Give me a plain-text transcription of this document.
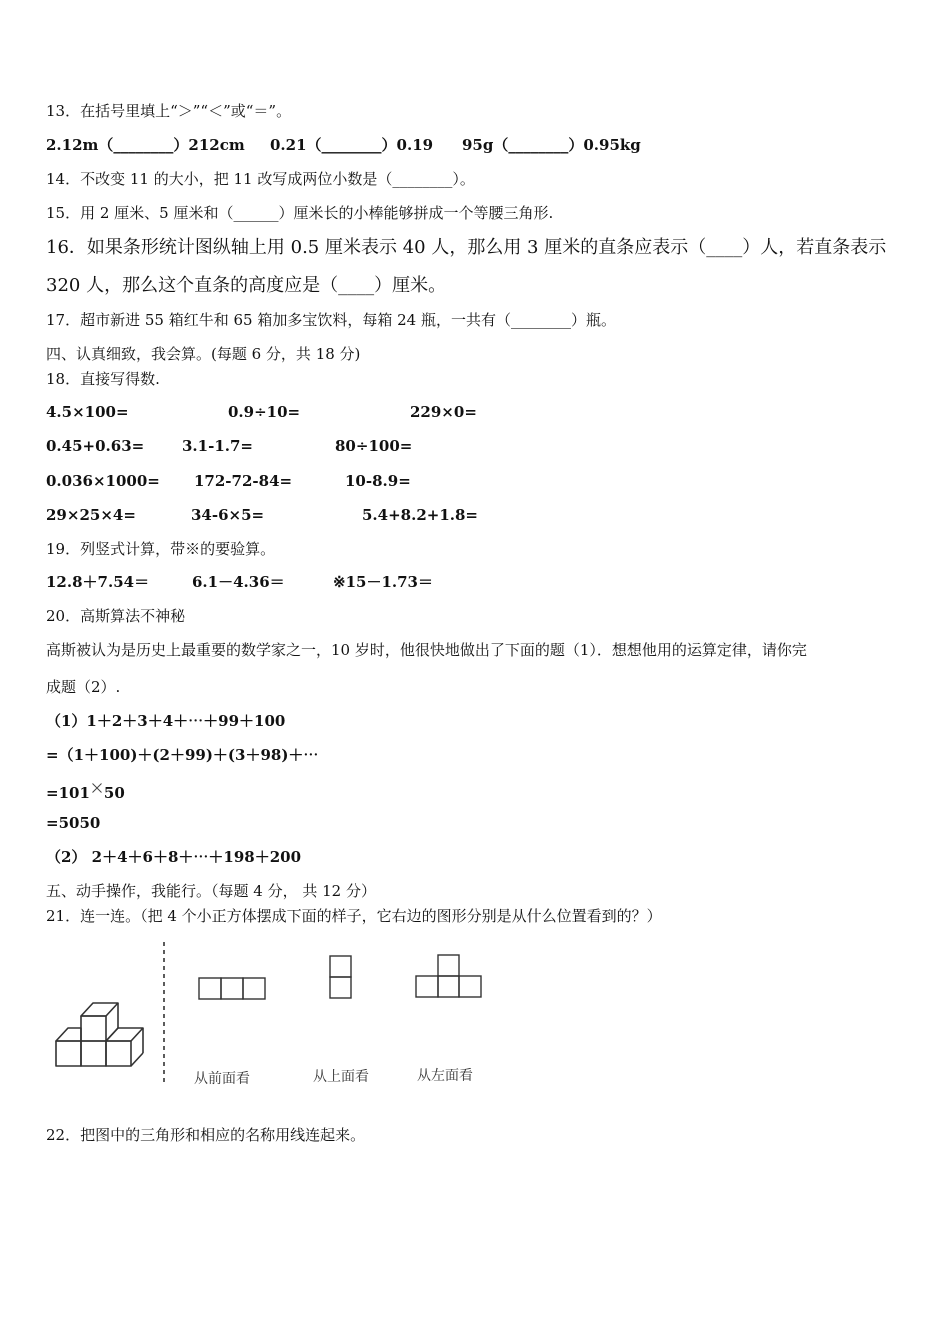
13．在括号里填上“＞”“＜”或“＝”。
2.12m（________）212cm 0.21（________）0.19 95g（________）0.95kg
14．不改变 11 的大小，把 11 改写成两位小数是（________）。
15．用 2 厘米、5 厘米和（______）厘米长的小棒能够拼成一个等腰三角形.
16．如果条形统计图纵轴上用 0.5 厘米表示 40 人，那么用 3 厘米的直条应表示（____）人，若直条表示
320 人，那么这个直条的高度应是（____）厘米。
17．超市新进 55 箱红牛和 65 箱加多宝饮料，每箱 24 瓶，一共有（________）瓶。
四、认真细致，我会算。(每题 6 分，共 18 分)
18．直接写得数.
4.5×100=	0.9÷10=	229×0=
0.45+0.63=	3.1-1.7=	80÷100=
0.036×1000= 172-72-84=	10-8.9=
29×25×4=	34-6×5=	5.4+8.2+1.8=
19．列竖式计算，带※的要验算。
12.8＋7.54＝	6.1－4.36＝	※15－1.73＝
20．高斯算法不神秘
高斯被认为是历史上最重要的数学家之一，10 岁时，他很快地做出了下面的题（1）．想想他用的运算定律，请你完
成题（2）.
（1）1＋2＋3＋4＋⋯＋99＋100
=（1＋100)＋(2＋99)＋(3＋98)＋⋯
=101 50
=5050
（2） 2＋4＋6＋8＋⋯＋198＋200
五、动手操作，我能行。（每题 4 分， 共 12 分）
21．连一连。（把 4 个小正方体摆成下面的样子，它右边的图形分别是从什么位置看到的？）
从前面看	从上面看	从左面看
22．把图中的三角形和相应的名称用线连起来。
